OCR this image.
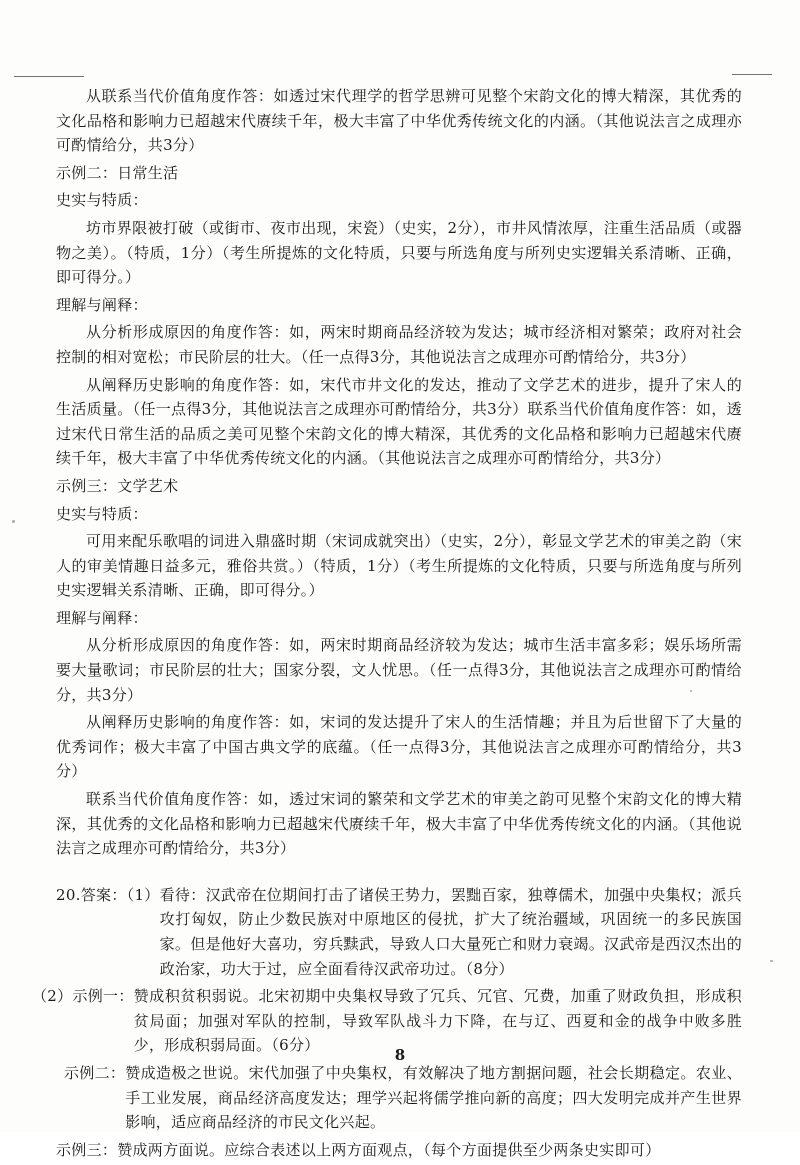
从联系当代价值角度作答：如透过宋代理学的哲学思辨可见整个宋韵文化的博大精深，其优秀的文化品格和影响力已超越宋代赓续千年，极大丰富了中华优秀传统文化的内涵。（其他说法言之成理亦可酌情给分，共3分）

示例二：日常生活

史实与特质：

坊市界限被打破（或街市、夜市出现，宋瓷）（史实，2分），市井风情浓厚，注重生活品质（或器物之美）。（特质，1分）（考生所提炼的文化特质，只要与所选角度与所列史实逻辑关系清晰、正确，即可得分。）

理解与阐释：

从分析形成原因的角度作答：如，两宋时期商品经济较为发达；城市经济相对繁荣；政府对社会控制的相对宽松；市民阶层的壮大。（任一点得3分，其他说法言之成理亦可酌情给分，共3分）

从阐释历史影响的角度作答：如，宋代市井文化的发达，推动了文学艺术的进步，提升了宋人的生活质量。（任一点得3分，其他说法言之成理亦可酌情给分，共3分）联系当代价值角度作答：如，透过宋代日常生活的品质之美可见整个宋韵文化的博大精深，其优秀的文化品格和影响力已超越宋代赓续千年，极大丰富了中华优秀传统文化的内涵。（其他说法言之成理亦可酌情给分，共3分）

示例三：文学艺术

史实与特质：

可用来配乐歌唱的词进入鼎盛时期（宋词成就突出）（史实，2分），彰显文学艺术的审美之韵（宋人的审美情趣日益多元，雅俗共赏。）（特质，1分）（考生所提炼的文化特质，只要与所选角度与所列史实逻辑关系清晰、正确，即可得分。）

理解与阐释：

从分析形成原因的角度作答：如，两宋时期商品经济较为发达；城市生活丰富多彩；娱乐场所需要大量歌词；市民阶层的壮大；国家分裂，文人忧思。（任一点得3分，其他说法言之成理亦可酌情给分，共3分）

从阐释历史影响的角度作答：如，宋词的发达提升了宋人的生活情趣；并且为后世留下了大量的优秀词作；极大丰富了中国古典文学的底蕴。（任一点得3分，其他说法言之成理亦可酌情给分，共3分）

联系当代价值角度作答：如，透过宋词的繁荣和文学艺术的审美之韵可见整个宋韵文化的博大精深，其优秀的文化品格和影响力已超越宋代赓续千年，极大丰富了中华优秀传统文化的内涵。（其他说法言之成理亦可酌情给分，共3分）

20.答案：（1） 看待：汉武帝在位期间打击了诸侯王势力，罢黜百家，独尊儒术，加强中央集权；派兵攻打匈奴，防止少数民族对中原地区的侵扰，扩大了统治疆域，巩固统一的多民族国家。但是他好大喜功，穷兵黩武，导致人口大量死亡和财力衰竭。汉武帝是西汉杰出的政治家，功大于过，应全面看待汉武帝功过。（8分）
（2）示例一： 赞成积贫积弱说。北宋初期中央集权导致了冗兵、冗官、冗费，加重了财政负担，形成积贫局面；加强对军队的控制，导致军队战斗力下降，在与辽、西夏和金的战争中败多胜少，形成积弱局面。（6分）
示例二： 赞成造极之世说。宋代加强了中央集权，有效解决了地方割据问题，社会长期稳定。农业、手工业发展，商品经济高度发达；理学兴起将儒学推向新的高度；四大发明完成并产生世界影响，适应商品经济的市民文化兴起。
示例三： 赞成两方面说。应综合表述以上两方面观点，（每个方面提供至少两条史实即可）
8
